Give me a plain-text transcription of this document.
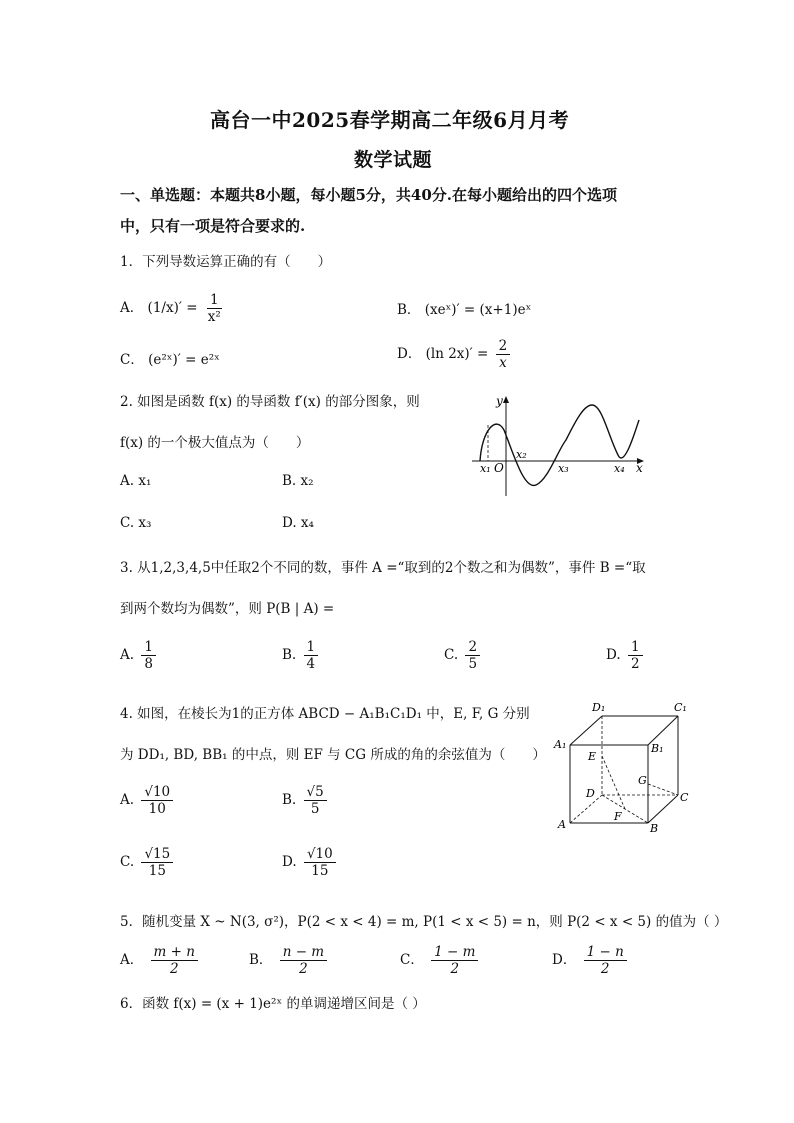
高台一中2025春学期高二年级6月月考
数学试题
一、单选题：本题共8小题，每小题5分，共40分.在每小题给出的四个选项
中，只有一项是符合要求的.
1．下列导数运算正确的有（　　）
A． $(1/x)' = \frac{1}{\text{x²}}$	B． (xeˣ)′ = (x+1)eˣ
C． (e²ˣ)′ = e²ˣ	D． (ln $2x)' = \frac{2}{x}$
2. 如图是函数 f(x) 的导函数 f′(x) 的部分图象，则
f(x) 的一个极大值点为（　　）
A. x₁	B. x₂
C. x₃	D. x₄
y
x
O
x₁
x₂
x₃	x₄
3. 从1,2,3,4,5中任取2个不同的数，事件 A =“取到的2个数之和为偶数”，事件 B =“取
到两个数均为偶数”，则 P(B | A) =
A. $\frac{1}{8}$	B. $\frac{1}{4}$	C. $\frac{2}{5}$	D. $\frac{1}{2}$
4. 如图，在棱长为1的正方体 ABCD − A₁B₁C₁D₁ 中，E, F, G 分别
为 DD₁, BD, BB₁ 的中点，则 EF 与 CG 所成的角的余弦值为（　　）
A. $\frac{√10}{10}$	B. $\frac{√5}{5}$
C. $\frac{√15}{15}$	D. $\frac{√10}{15}$
D₁	C₁
A₁	B₁
E
G
D	C
F
A	B
5．随机变量 X ~ N(3, σ²)，P(2 < x < 4) = m, P(1 < x < 5) = n，则 P(2 < x < 5) 的值为（ ）
A． $\frac{m + n}{2}$	B． $\frac{n - m}{2}$	C． $\frac{1 - m}{2}$	D． $\frac{1 - n}{2}$
6．函数 f(x) = (x + 1)e²ˣ 的单调递增区间是（ ）
